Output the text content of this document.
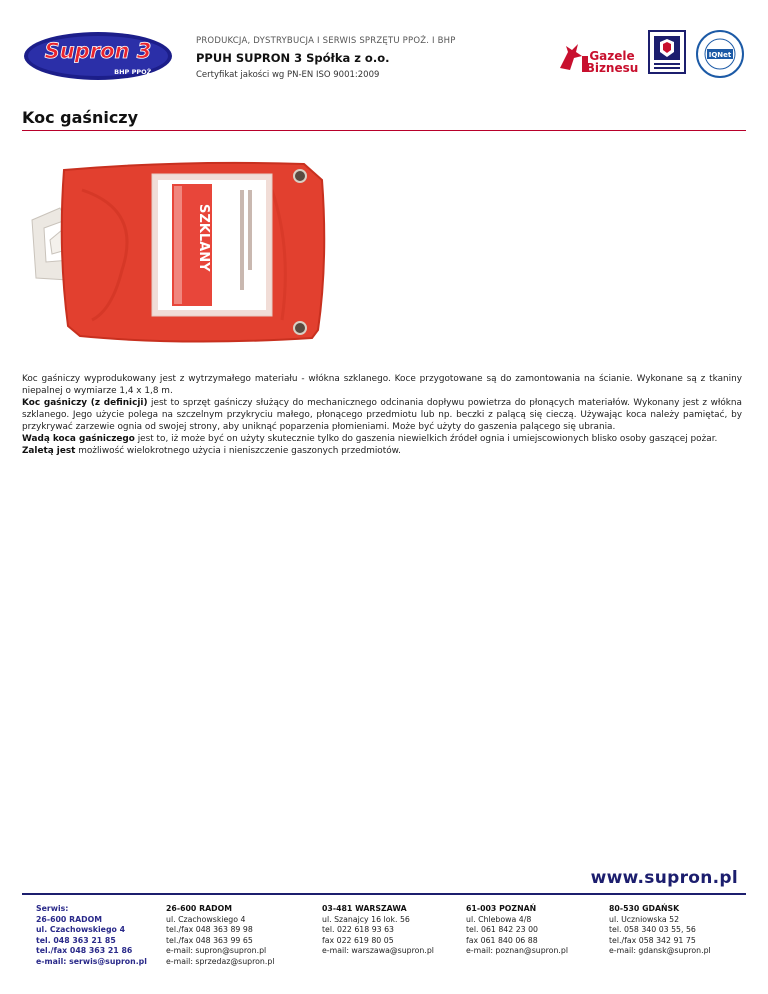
Supron 3
BHP PPOŻ.
PRODUKCJA, DYSTRYBUCJA I SERWIS SPRZĘTU PPOŻ. I BHP
PPUH SUPRON 3 Spółka z o.o.
Certyfikat jakości wg PN-EN ISO 9001:2009
Gazele
Biznesu
IQNet
Koc gaśniczy
KOC GAŚNICZY
SZKLANY

Koc gaśniczy wyprodukowany jest z wytrzymałego materiału - włókna szklanego. Koce przygotowane są do zamontowania na ścianie. Wykonane są z tkaniny niepalnej o wymiarze 1,4 x 1,8 m.

Koc gaśniczy (z definicji) jest to sprzęt gaśniczy służący do mechanicznego odcinania dopływu powietrza do płonących materiałów. Wykonany jest z włókna szklanego. Jego użycie polega na szczelnym przykryciu małego, płonącego przedmiotu lub np. beczki z palącą się cieczą. Używając koca należy pamiętać, by przykrywać zarzewie ognia od swojej strony, aby uniknąć poparzenia płomieniami. Może być użyty do gaszenia palącego się ubrania.

Wadą koca gaśniczego jest to, iż może być on użyty skutecznie tylko do gaszenia niewielkich źródeł ognia i umiejscowionych blisko osoby gaszącej pożar.

Zaletą jest możliwość wielokrotnego użycia i nieniszczenie gaszonych przedmiotów.

www.supron.pl
Serwis:
26-600 RADOM
ul. Czachowskiego 4
tel. 048 363 21 85
tel./fax 048 363 21 86
e-mail: serwis@supron.pl
26-600 RADOM
ul. Czachowskiego 4
tel./fax 048 363 89 98
tel./fax 048 363 99 65
e-mail: supron@supron.pl
e-mail: sprzedaz@supron.pl
03-481 WARSZAWA
ul. Szanajcy 16 lok. 56
tel. 022 618 93 63
fax 022 619 80 05
e-mail: warszawa@supron.pl
61-003 POZNAŃ
ul. Chlebowa 4/8
tel. 061 842 23 00
fax 061 840 06 88
e-mail: poznan@supron.pl
80-530 GDAŃSK
ul. Uczniowska 52
tel. 058 340 03 55, 56
tel./fax 058 342 91 75
e-mail: gdansk@supron.pl
